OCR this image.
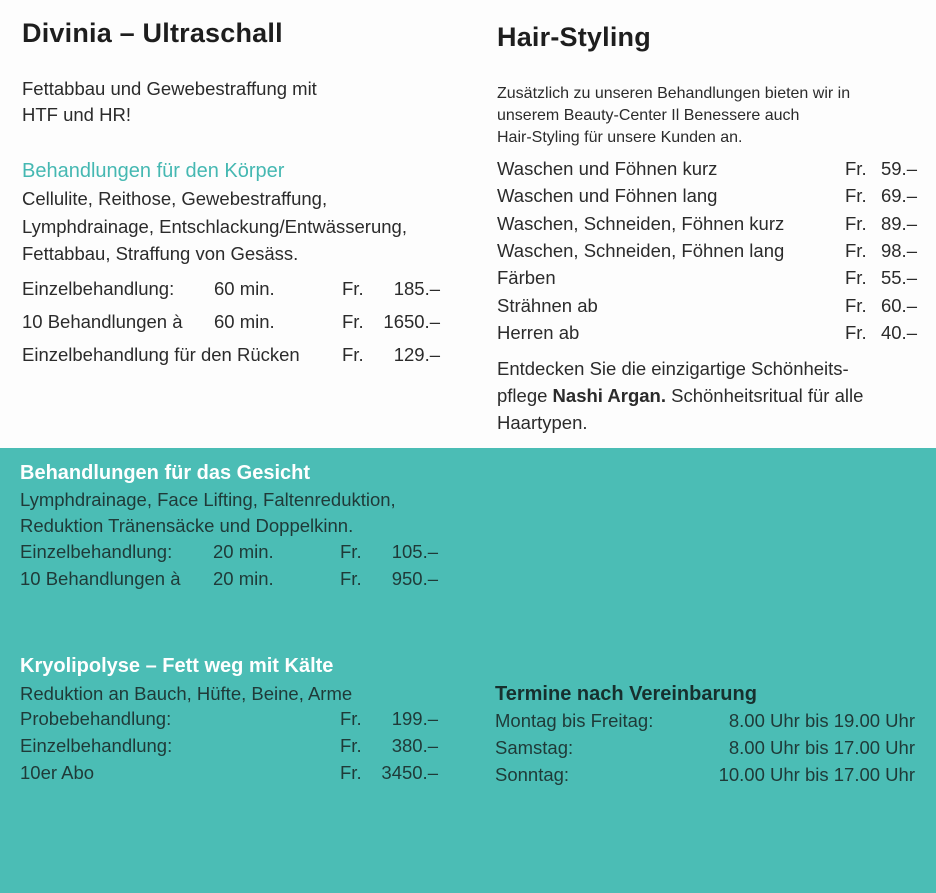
Divinia – Ultraschall
Fettabbau und Gewebestraffung mit
HTF und HR!
Behandlungen für den Körper
Cellulite, Reithose, Gewebestraffung,
Lymphdrainage, Entschlackung/Entwässerung,
Fettabbau, Straffung von Gesäss.
Einzelbehandlung: 60 min.	Fr. 185.–
10 Behandlungen à 60 min.	Fr. 1650.–
Einzelbehandlung für den Rücken Fr. 129.–
Behandlungen für das Gesicht
Lymphdrainage, Face Lifting, Faltenreduktion,
Reduktion Tränensäcke und Doppelkinn.
Einzelbehandlung: 20 min.	Fr. 105.–
10 Behandlungen à 20 min.	Fr. 950.–
Kryolipolyse – Fett weg mit Kälte
Reduktion an Bauch, Hüfte, Beine, Arme
Probebehandlung:	Fr. 199.–
Einzelbehandlung:	Fr. 380.–
10er Abo	Fr. 3450.–
Hair-Styling
Zusätzlich zu unseren Behandlungen bieten wir in
unserem Beauty-Center Il Benessere auch
Hair-Styling für unsere Kunden an.
Waschen und Föhnen kurz	Fr. 59.–
Waschen und Föhnen lang	Fr. 69.–
Waschen, Schneiden, Föhnen kurz	Fr. 89.–
Waschen, Schneiden, Föhnen lang	Fr. 98.–
Färben	Fr. 55.–
Strähnen ab	Fr. 60.–
Herren ab	Fr. 40.–
Entdecken Sie die einzigartige Schönheits-
pflege Nashi Argan. Schönheitsritual für alle
Haartypen.
Termine nach Vereinbarung
Montag bis Freitag:	8.00 Uhr bis 19.00 Uhr
Samstag:	8.00 Uhr bis 17.00 Uhr
Sonntag:	10.00 Uhr bis 17.00 Uhr
